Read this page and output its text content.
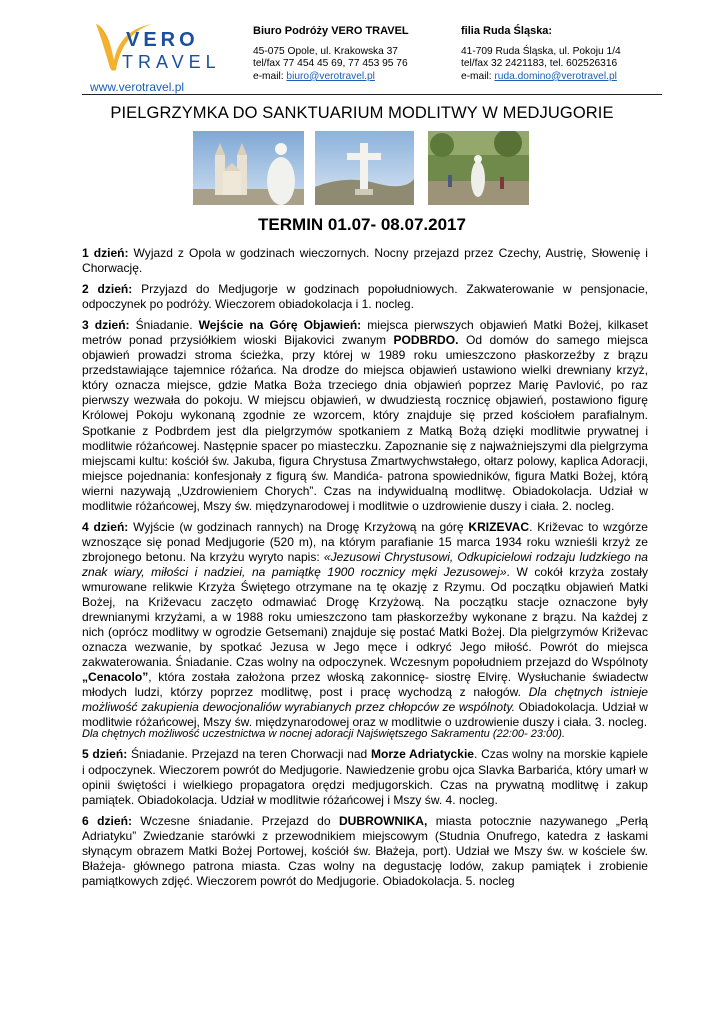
VERO
TRAVEL
www.verotravel.pl
Biuro Podróży VERO TRAVEL
45-075 Opole, ul. Krakowska 37
tel/fax 77 454 45 69, 77 453 95 76
e-mail: biuro@verotravel.pl
filia Ruda Śląska:
41-709 Ruda Śląska, ul. Pokoju 1/4
tel/fax 32 2421183, tel. 602526316
e-mail: ruda.domino@verotravel.pl
PIELGRZYMKA DO SANKTUARIUM MODLITWY W MEDJUGORIE
TERMIN 01.07- 08.07.2017

1 dzień: Wyjazd z Opola w godzinach wieczornych. Nocny przejazd przez Czechy, Austrię, Słowenię i Chorwację.

2 dzień: Przyjazd do Medjugorje w godzinach popołudniowych. Zakwaterowanie w pensjonacie, odpoczynek po podróży. Wieczorem obiadokolacja i 1. nocleg.

3 dzień: Śniadanie. Wejście na Górę Objawień: miejsca pierwszych objawień Matki Bożej, kilkaset metrów ponad przysiółkiem wioski Bijakovici zwanym PODBRDO. Od domów do samego miejsca objawień prowadzi stroma ścieżka, przy której w 1989 roku umieszczono płaskorzeźby z brązu przedstawiające tajemnice różańca. Na drodze do miejsca objawień ustawiono wielki drewniany krzyż, który oznacza miejsce, gdzie Matka Boża trzeciego dnia objawień poprzez Marię Pavlović, po raz pierwszy wezwała do pokoju. W miejscu objawień, w dwudziestą rocznicę objawień, postawiono figurę Królowej Pokoju wykonaną zgodnie ze wzorcem, który znajduje się przed kościołem parafialnym. Spotkanie z Podbrdem jest dla pielgrzymów spotkaniem z Matką Bożą dzięki modlitwie prywatnej i modlitwie różańcowej. Następnie spacer po miasteczku. Zapoznanie się z najważniejszymi dla pielgrzyma miejscami kultu: kościół św. Jakuba, figura Chrystusa Zmartwychwstałego, ołtarz polowy, kaplica Adoracji, miejsce pojednania: konfesjonały z figurą św. Mandića- patrona spowiedników, figura Matki Bożej, którą wierni nazywają „Uzdrowieniem Chorych”. Czas na indywidualną modlitwę. Obiadokolacja. Udział w modlitwie różańcowej, Mszy św. międzynarodowej i modlitwie o uzdrowienie duszy i ciała. 2. nocleg.

4 dzień: Wyjście (w godzinach rannych) na Drogę Krzyżową na górę KRIZEVAC. Križevac to wzgórze wznoszące się ponad Medjugorie (520 m), na którym parafianie 15 marca 1934 roku wznieśli krzyż ze zbrojonego betonu. Na krzyżu wyryto napis: «Jezusowi Chrystusowi, Odkupicielowi rodzaju ludzkiego na znak wiary, miłości i nadziei, na pamiątkę 1900 rocznicy męki Jezusowej». W cokół krzyża zostały wmurowane relikwie Krzyża Świętego otrzymane na tę okazję z Rzymu. Od początku objawień Matki Bożej, na Križevacu zaczęto odmawiać Drogę Krzyżową. Na początku stacje oznaczone były drewnianymi krzyżami, a w 1988 roku umieszczono tam płaskorzeźby wykonane z brązu. Na każdej z nich (oprócz modlitwy w ogrodzie Getsemani) znajduje się postać Matki Bożej. Dla pielgrzymów Križevac oznacza wezwanie, by spotkać Jezusa w Jego męce i odkryć Jego miłość. Powrót do miejsca zakwaterowania. Śniadanie. Czas wolny na odpoczynek. Wczesnym popołudniem przejazd do Wspólnoty „Cenacolo”, która została założona przez włoską zakonnicę- siostrę Elvirę. Wysłuchanie świadectw młodych ludzi, którzy poprzez modlitwę, post i pracę wychodzą z nałogów. Dla chętnych istnieje możliwość zakupienia dewocjonaliów wyrabianych przez chłopców ze wspólnoty. Obiadokolacja. Udział w modlitwie różańcowej, Mszy św. międzynarodowej oraz w modlitwie o uzdrowienie duszy i ciała. 3. nocleg.
Dla chętnych możliwość uczestnictwa w nocnej adoracji Najświętszego Sakramentu (22:00- 23:00).

5 dzień: Śniadanie. Przejazd na teren Chorwacji nad Morze Adriatyckie. Czas wolny na morskie kąpiele i odpoczynek. Wieczorem powrót do Medjugorie. Nawiedzenie grobu ojca Slavka Barbarića, który umarł w opinii świętości i wielkiego propagatora orędzi medjugorskich. Czas na prywatną modlitwę i zakup pamiątek. Obiadokolacja. Udział w modlitwie różańcowej i Mszy św. 4. nocleg.

6 dzień: Wczesne śniadanie. Przejazd do DUBROWNIKA, miasta potocznie nazywanego „Perłą Adriatyku” Zwiedzanie starówki z przewodnikiem miejscowym (Studnia Onufrego, katedra z łaskami słynącym obrazem Matki Bożej Portowej, kościół św. Błażeja, port). Udział we Mszy św. w kościele św. Błażeja- głównego patrona miasta. Czas wolny na degustację lodów, zakup pamiątek i zrobienie pamiątkowych zdjęć. Wieczorem powrót do Medjugorie. Obiadokolacja. 5. nocleg
